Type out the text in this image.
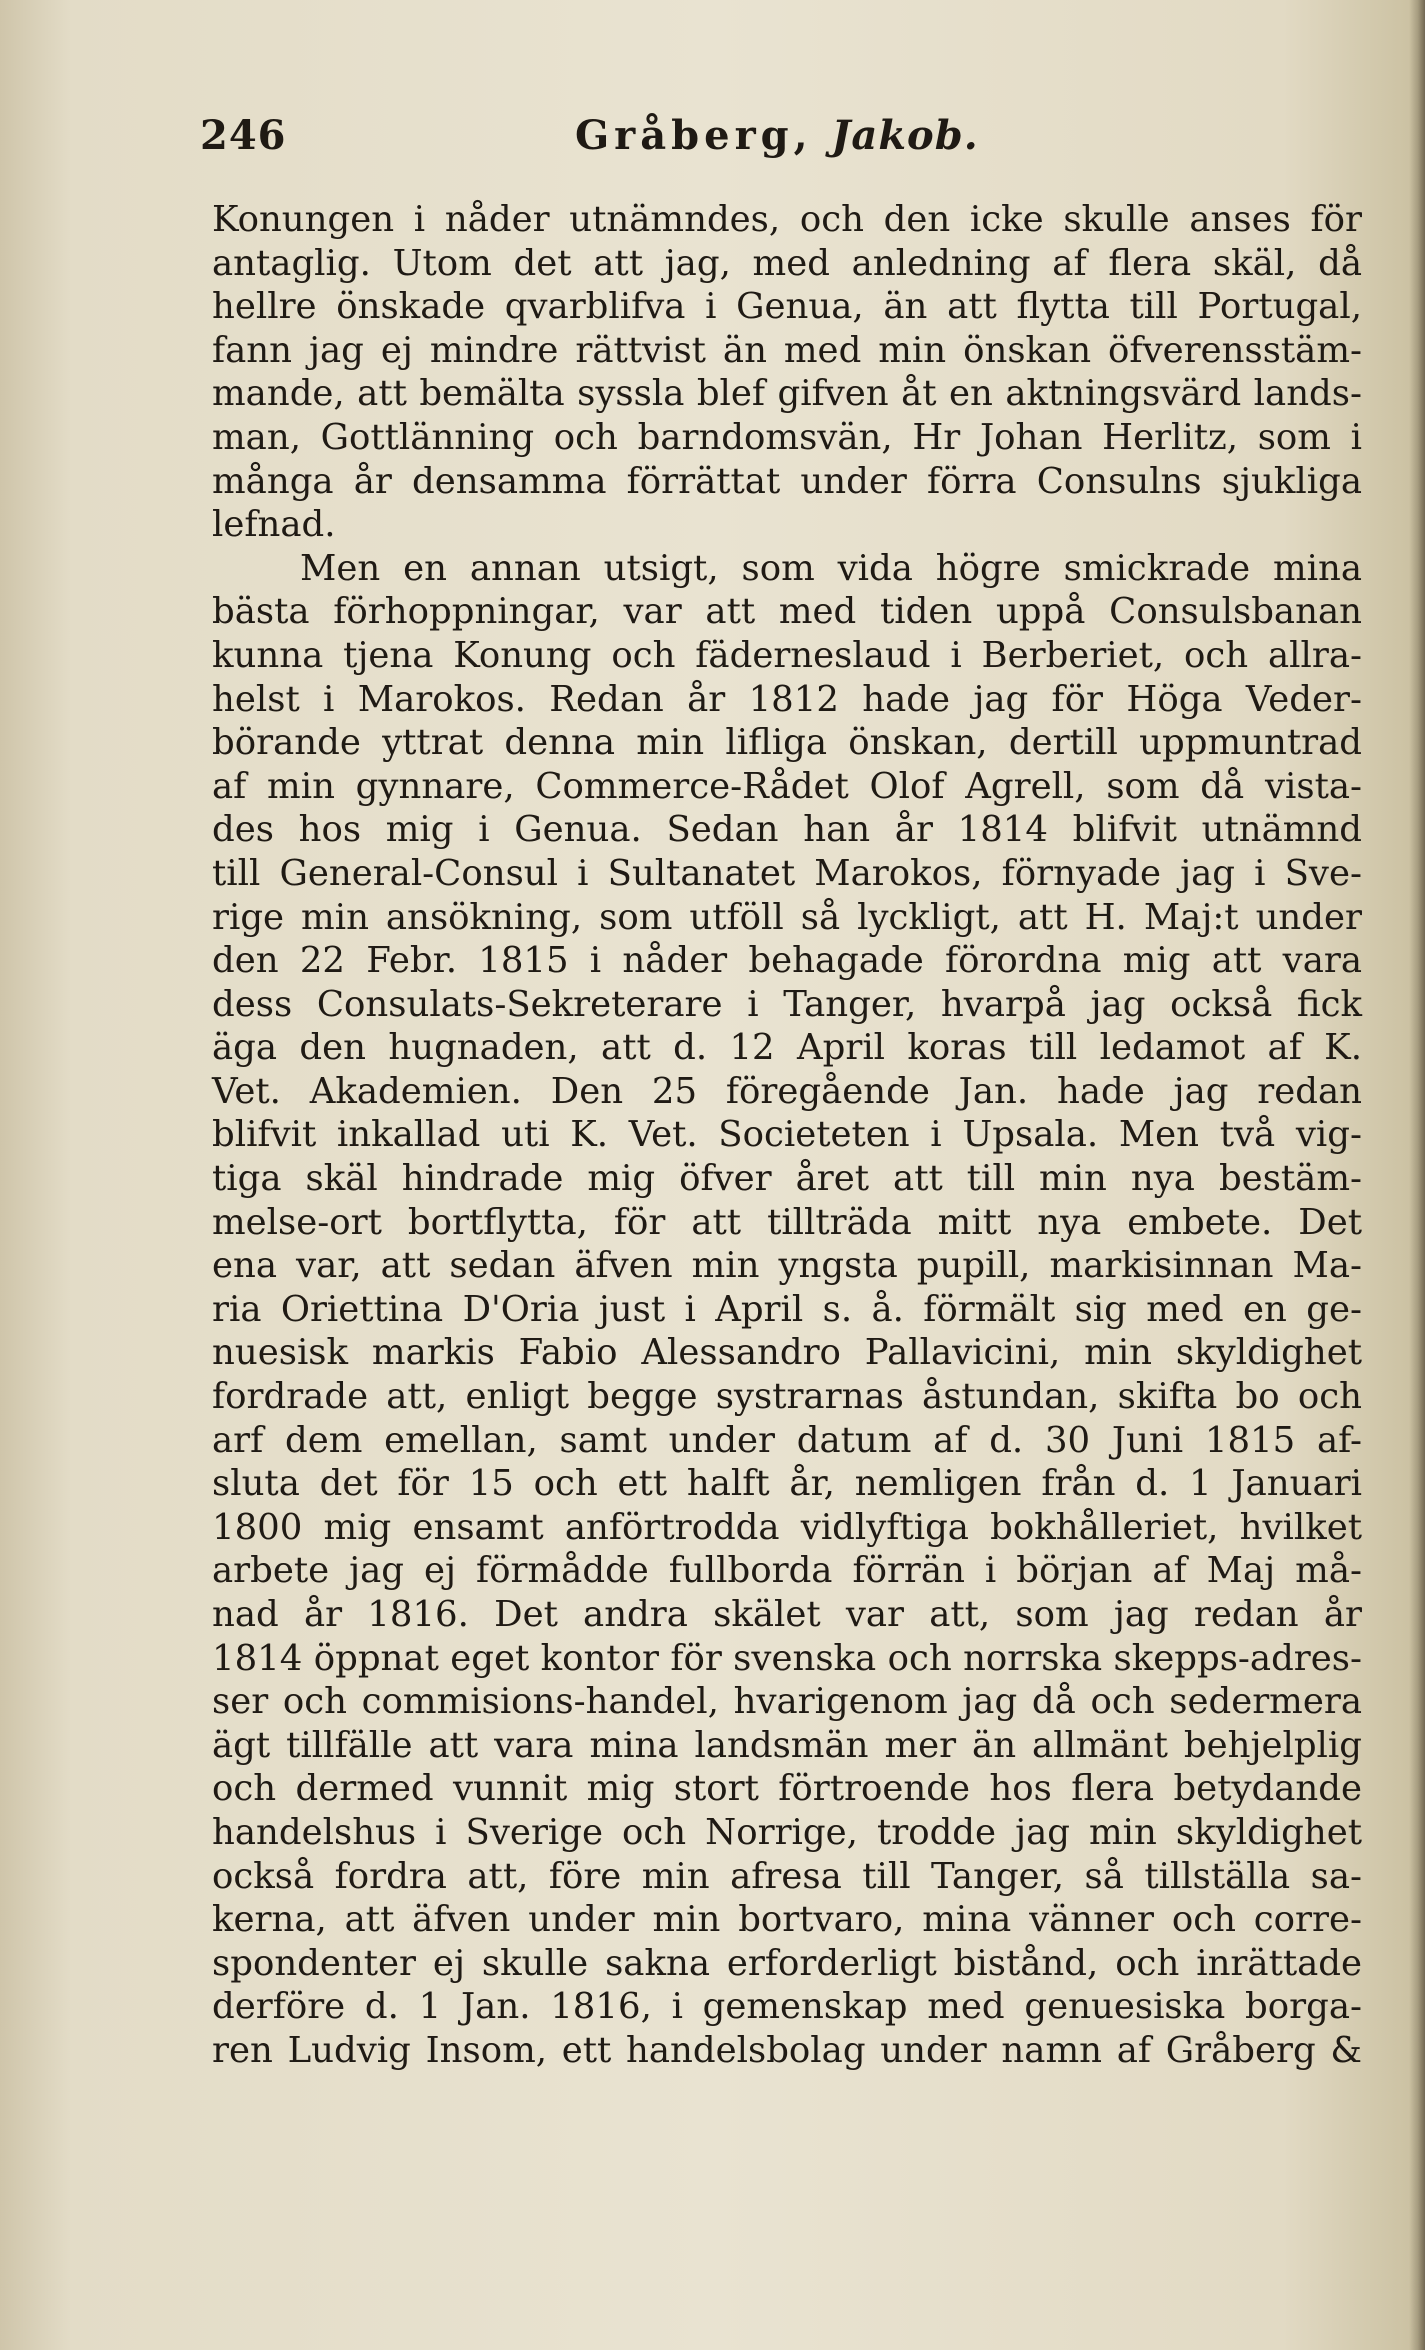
246	Gråberg, Jakob.
Konungen i nåder utnämndes, och den icke skulle anses för
antaglig. Utom det att jag, med anledning af flera skäl, då
hellre önskade qvarblifva i Genua, än att flytta till Portugal,
fann jag ej mindre rättvist än med min önskan öfverensstäm-
mande, att bemälta syssla blef gifven åt en aktningsvärd lands-
man, Gottlänning och barndomsvän, Hr Johan Herlitz, som i
många år densamma förrättat under förra Consulns sjukliga
lefnad.
Men en annan utsigt, som vida högre smickrade mina
bästa förhoppningar, var att med tiden uppå Consulsbanan
kunna tjena Konung och fäderneslaud i Berberiet, och allra-
helst i Marokos. Redan år 1812 hade jag för Höga Veder-
börande yttrat denna min lifliga önskan, dertill uppmuntrad
af min gynnare, Commerce-Rådet Olof Agrell, som då vista-
des hos mig i Genua. Sedan han år 1814 blifvit utnämnd
till General-Consul i Sultanatet Marokos, förnyade jag i Sve-
rige min ansökning, som utföll så lyckligt, att H. Maj:t under
den 22 Febr. 1815 i nåder behagade förordna mig att vara
dess Consulats-Sekreterare i Tanger, hvarpå jag också fick
äga den hugnaden, att d. 12 April koras till ledamot af K.
Vet. Akademien. Den 25 föregående Jan. hade jag redan
blifvit inkallad uti K. Vet. Societeten i Upsala. Men två vig-
tiga skäl hindrade mig öfver året att till min nya bestäm-
melse-ort bortflytta, för att tillträda mitt nya embete. Det
ena var, att sedan äfven min yngsta pupill, markisinnan Ma-
ria Oriettina D'Oria just i April s. å. förmält sig med en ge-
nuesisk markis Fabio Alessandro Pallavicini, min skyldighet
fordrade att, enligt begge systrarnas åstundan, skifta bo och
arf dem emellan, samt under datum af d. 30 Juni 1815 af-
sluta det för 15 och ett halft år, nemligen från d. 1 Januari
1800 mig ensamt anförtrodda vidlyftiga bokhålleriet, hvilket
arbete jag ej förmådde fullborda förrän i början af Maj må-
nad år 1816. Det andra skälet var att, som jag redan år
1814 öppnat eget kontor för svenska och norrska skepps-adres-
ser och commisions-handel, hvarigenom jag då och sedermera
ägt tillfälle att vara mina landsmän mer än allmänt behjelplig
och dermed vunnit mig stort förtroende hos flera betydande
handelshus i Sverige och Norrige, trodde jag min skyldighet
också fordra att, före min afresa till Tanger, så tillställa sa-
kerna, att äfven under min bortvaro, mina vänner och corre-
spondenter ej skulle sakna erforderligt bistånd, och inrättade
derföre d. 1 Jan. 1816, i gemenskap med genuesiska borga-
ren Ludvig Insom, ett handelsbolag under namn af Gråberg &
